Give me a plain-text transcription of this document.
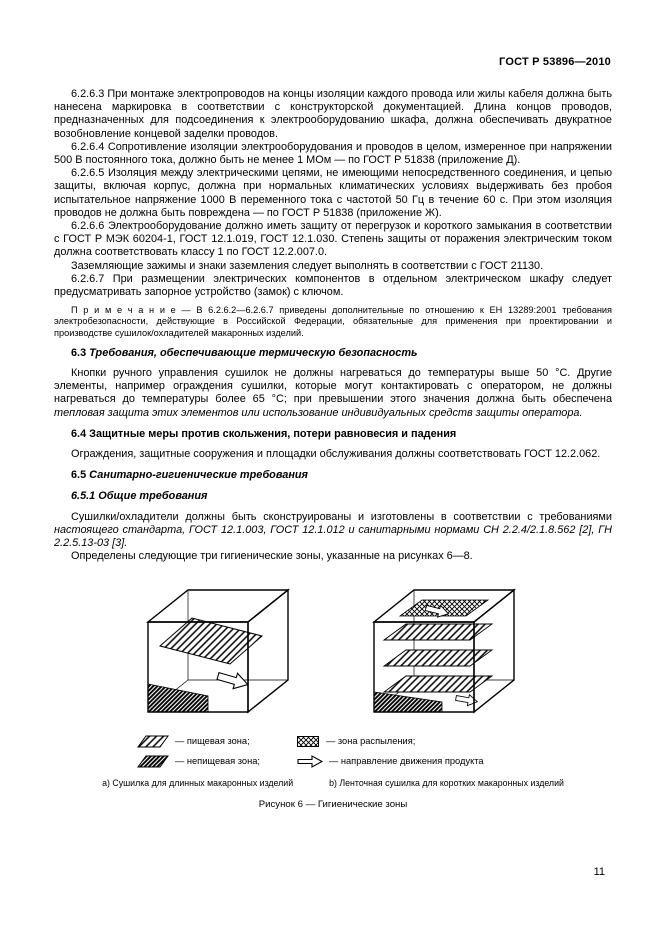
ГОСТ Р 53896—2010

6.2.6.3 При монтаже электропроводов на концы изоляции каждого провода или жилы кабеля должна быть нанесена маркировка в соответствии с конструкторской документацией. Длина концов проводов, предназначенных для подсоединения к электрооборудованию шкафа, должна обеспечивать двукратное возобновление концевой заделки проводов.

6.2.6.4 Сопротивление изоляции электрооборудования и проводов в целом, измеренное при напряжении 500 В постоянного тока, должно быть не менее 1 МОм — по ГОСТ Р 51838 (приложение Д).

6.2.6.5 Изоляция между электрическими цепями, не имеющими непосредственного соединения, и цепью защиты, включая корпус, должна при нормальных климатических условиях выдерживать без пробоя испытательное напряжение 1000 В переменного тока с частотой 50 Гц в течение 60 с. При этом изоляция проводов не должна быть повреждена — по ГОСТ Р 51838 (приложение Ж).

6.2.6.6 Электрооборудование должно иметь защиту от перегрузок и короткого замыкания в соответствии с ГОСТ Р МЭК 60204-1, ГОСТ 12.1.019, ГОСТ 12.1.030. Степень защиты от поражения электрическим током должна соответствовать классу 1 по ГОСТ 12.2.007.0.

Заземляющие зажимы и знаки заземления следует выполнять в соответствии с ГОСТ 21130.

6.2.6.7 При размещении электрических компонентов в отдельном электрическом шкафу следует предусматривать запорное устройство (замок) с ключом.

П р и м е ч а н и е — В 6.2.6.2—6.2.6.7 приведены дополнительные по отношению к ЕН 13289:2001 требования электробезопасности, действующие в Российской Федерации, обязательные для применения при проектировании и производстве сушилок/охладителей макаронных изделий.

6.3 Требования, обеспечивающие термическую безопасность

Кнопки ручного управления сушилок не должны нагреваться до температуры выше 50 °С. Другие элементы, например ограждения сушилки, которые могут контактировать с оператором, не должны нагреваться до температуры более 65 °С; при превышении этого значения должна быть обеспечена тепловая защита этих элементов или использование индивидуальных средств защиты оператора.

6.4 Защитные меры против скольжения, потери равновесия и падения

Ограждения, защитные сооружения и площадки обслуживания должны соответствовать ГОСТ 12.2.062.

6.5 Санитарно-гигиенические требования

6.5.1 Общие требования

Сушилки/охладители должны быть сконструированы и изготовлены в соответствии с требованиями настоящего стандарта, ГОСТ 12.1.003, ГОСТ 12.1.012 и санитарными нормами СН 2.2.4/2.1.8.562 [2], ГН 2.2.5.13-03 [3].

Определены следующие три гигиенические зоны, указанные на рисунках 6—8.

— пищевая зона;	— зона распыления;
— непищевая зона;	— направление движения продукта
а) Сушилка для длинных макаронных изделий	b) Ленточная сушилка для коротких макаронных изделий
Рисунок 6 — Гигиенические зоны
11
